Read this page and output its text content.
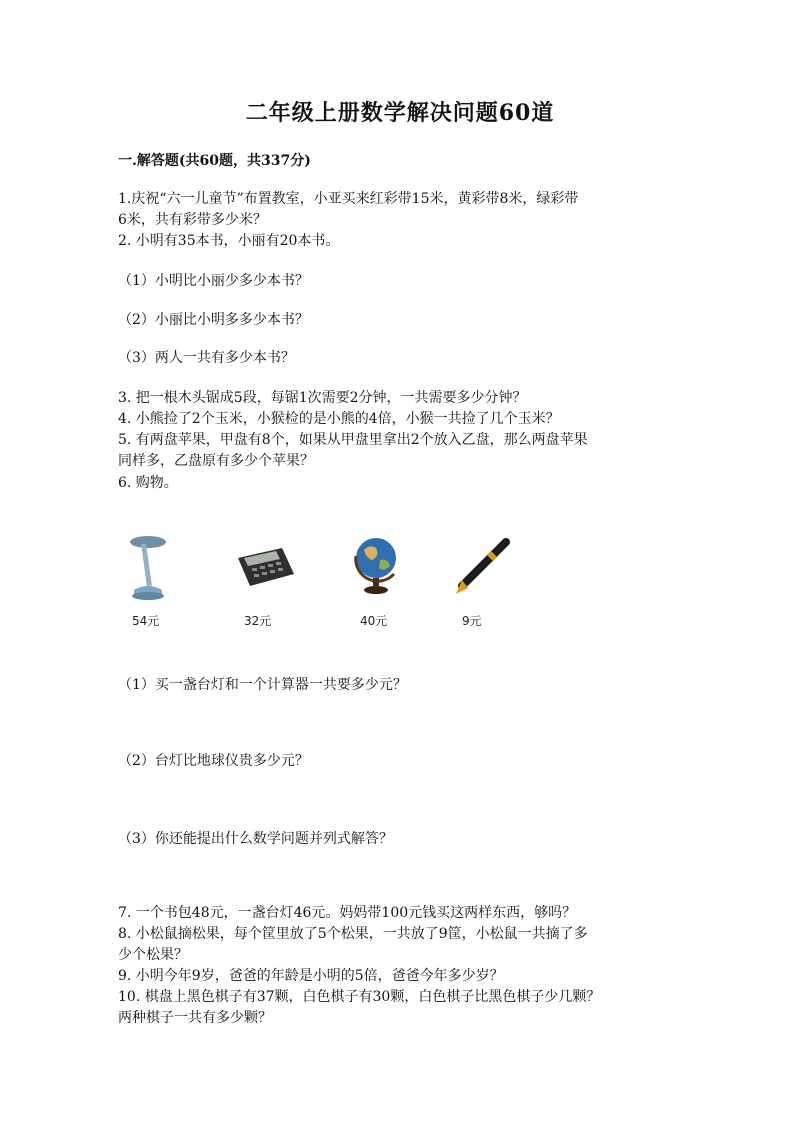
二年级上册数学解决问题60道
一.解答题(共60题，共337分)
1.庆祝“六一儿童节”布置教室，小亚买来红彩带15米，黄彩带8米，绿彩带
6米，共有彩带多少米？
2. 小明有35本书，小丽有20本书。
（1）小明比小丽少多少本书？
（2）小丽比小明多多少本书？
（3）两人一共有多少本书？
3. 把一根木头锯成5段，每锯1次需要2分钟，一共需要多少分钟？
4. 小熊捡了2个玉米，小猴检的是小熊的4倍，小猴一共捡了几个玉米？
5. 有两盘苹果，甲盘有8个，如果从甲盘里拿出2个放入乙盘，那么两盘苹果
同样多，乙盘原有多少个苹果？
6. 购物。
54元	32元	40元	9元
（1）买一盏台灯和一个计算器一共要多少元？
（2）台灯比地球仪贵多少元？
（3）你还能提出什么数学问题并列式解答？
7. 一个书包48元，一盏台灯46元。妈妈带100元钱买这两样东西，够吗？
8. 小松鼠摘松果，每个筐里放了5个松果，一共放了9筐，小松鼠一共摘了多
少个松果？
9. 小明今年9岁，爸爸的年龄是小明的5倍，爸爸今年多少岁？
10. 棋盘上黑色棋子有37颗，白色棋子有30颗，白色棋子比黑色棋子少几颗？
两种棋子一共有多少颗？
